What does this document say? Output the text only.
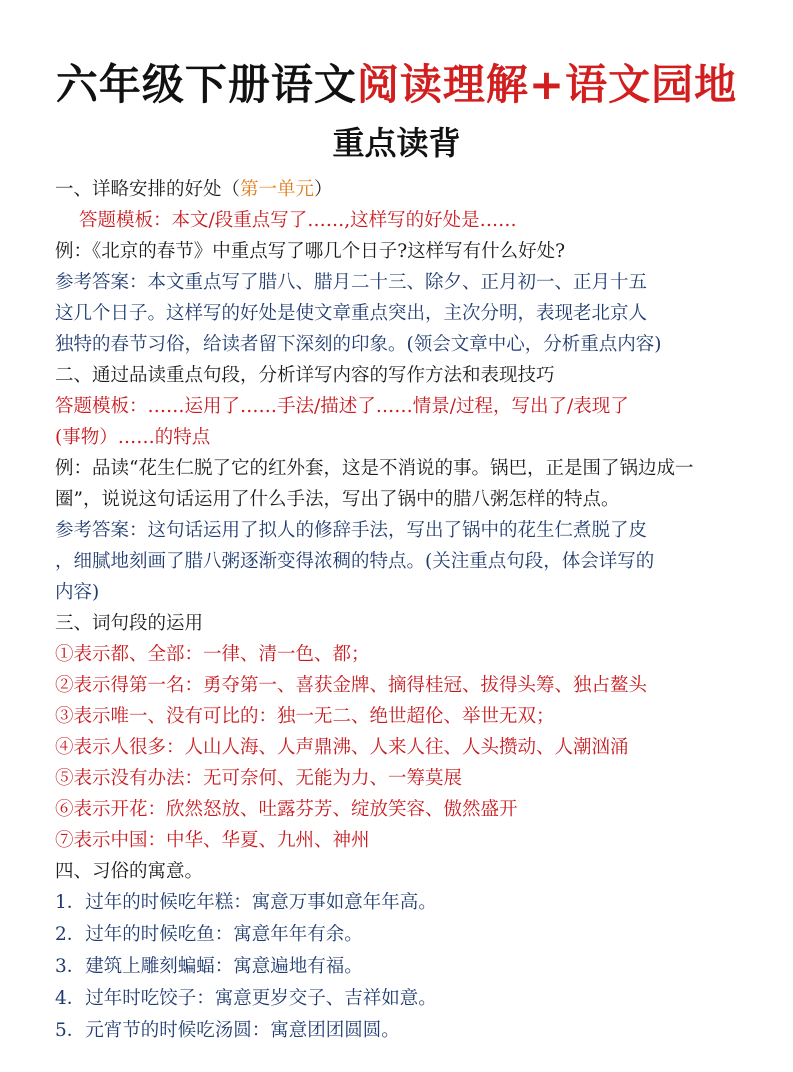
六年级下册语文阅读理解+语文园地
重点读背
一、详略安排的好处（第一单元）
答题模板：本文/段重点写了……,这样写的好处是……
例：《北京的春节》中重点写了哪几个日子?这样写有什么好处?
参考答案：本文重点写了腊八、腊月二十三、除夕、正月初一、正月十五
这几个日子。这样写的好处是使文章重点突出，主次分明，表现老北京人
独特的春节习俗，给读者留下深刻的印象。(领会文章中心，分析重点内容)
二、通过品读重点句段，分析详写内容的写作方法和表现技巧
答题模板：……运用了……手法/描述了……情景/过程，写出了/表现了
(事物）……的特点
例：品读“花生仁脱了它的红外套，这是不消说的事。锅巴，正是围了锅边成一
圈”，说说这句话运用了什么手法，写出了锅中的腊八粥怎样的特点。
参考答案：这句话运用了拟人的修辞手法，写出了锅中的花生仁煮脱了皮
，细腻地刻画了腊八粥逐渐变得浓稠的特点。(关注重点句段，体会详写的
内容)
三、词句段的运用
①表示都、全部：一律、清一色、都；
②表示得第一名：勇夺第一、喜获金牌、摘得桂冠、拔得头筹、独占鳌头
③表示唯一、没有可比的：独一无二、绝世超伦、举世无双；
④表示人很多：人山人海、人声鼎沸、人来人往、人头攒动、人潮汹涌
⑤表示没有办法：无可奈何、无能为力、一筹莫展
⑥表示开花：欣然怒放、吐露芬芳、绽放笑容、傲然盛开
⑦表示中国：中华、华夏、九州、神州
四、习俗的寓意。
1．过年的时候吃年糕：寓意万事如意年年高。
2．过年的时候吃鱼：寓意年年有余。
3．建筑上雕刻蝙蝠：寓意遍地有福。
4．过年时吃饺子：寓意更岁交子、吉祥如意。
5．元宵节的时候吃汤圆：寓意团团圆圆。
